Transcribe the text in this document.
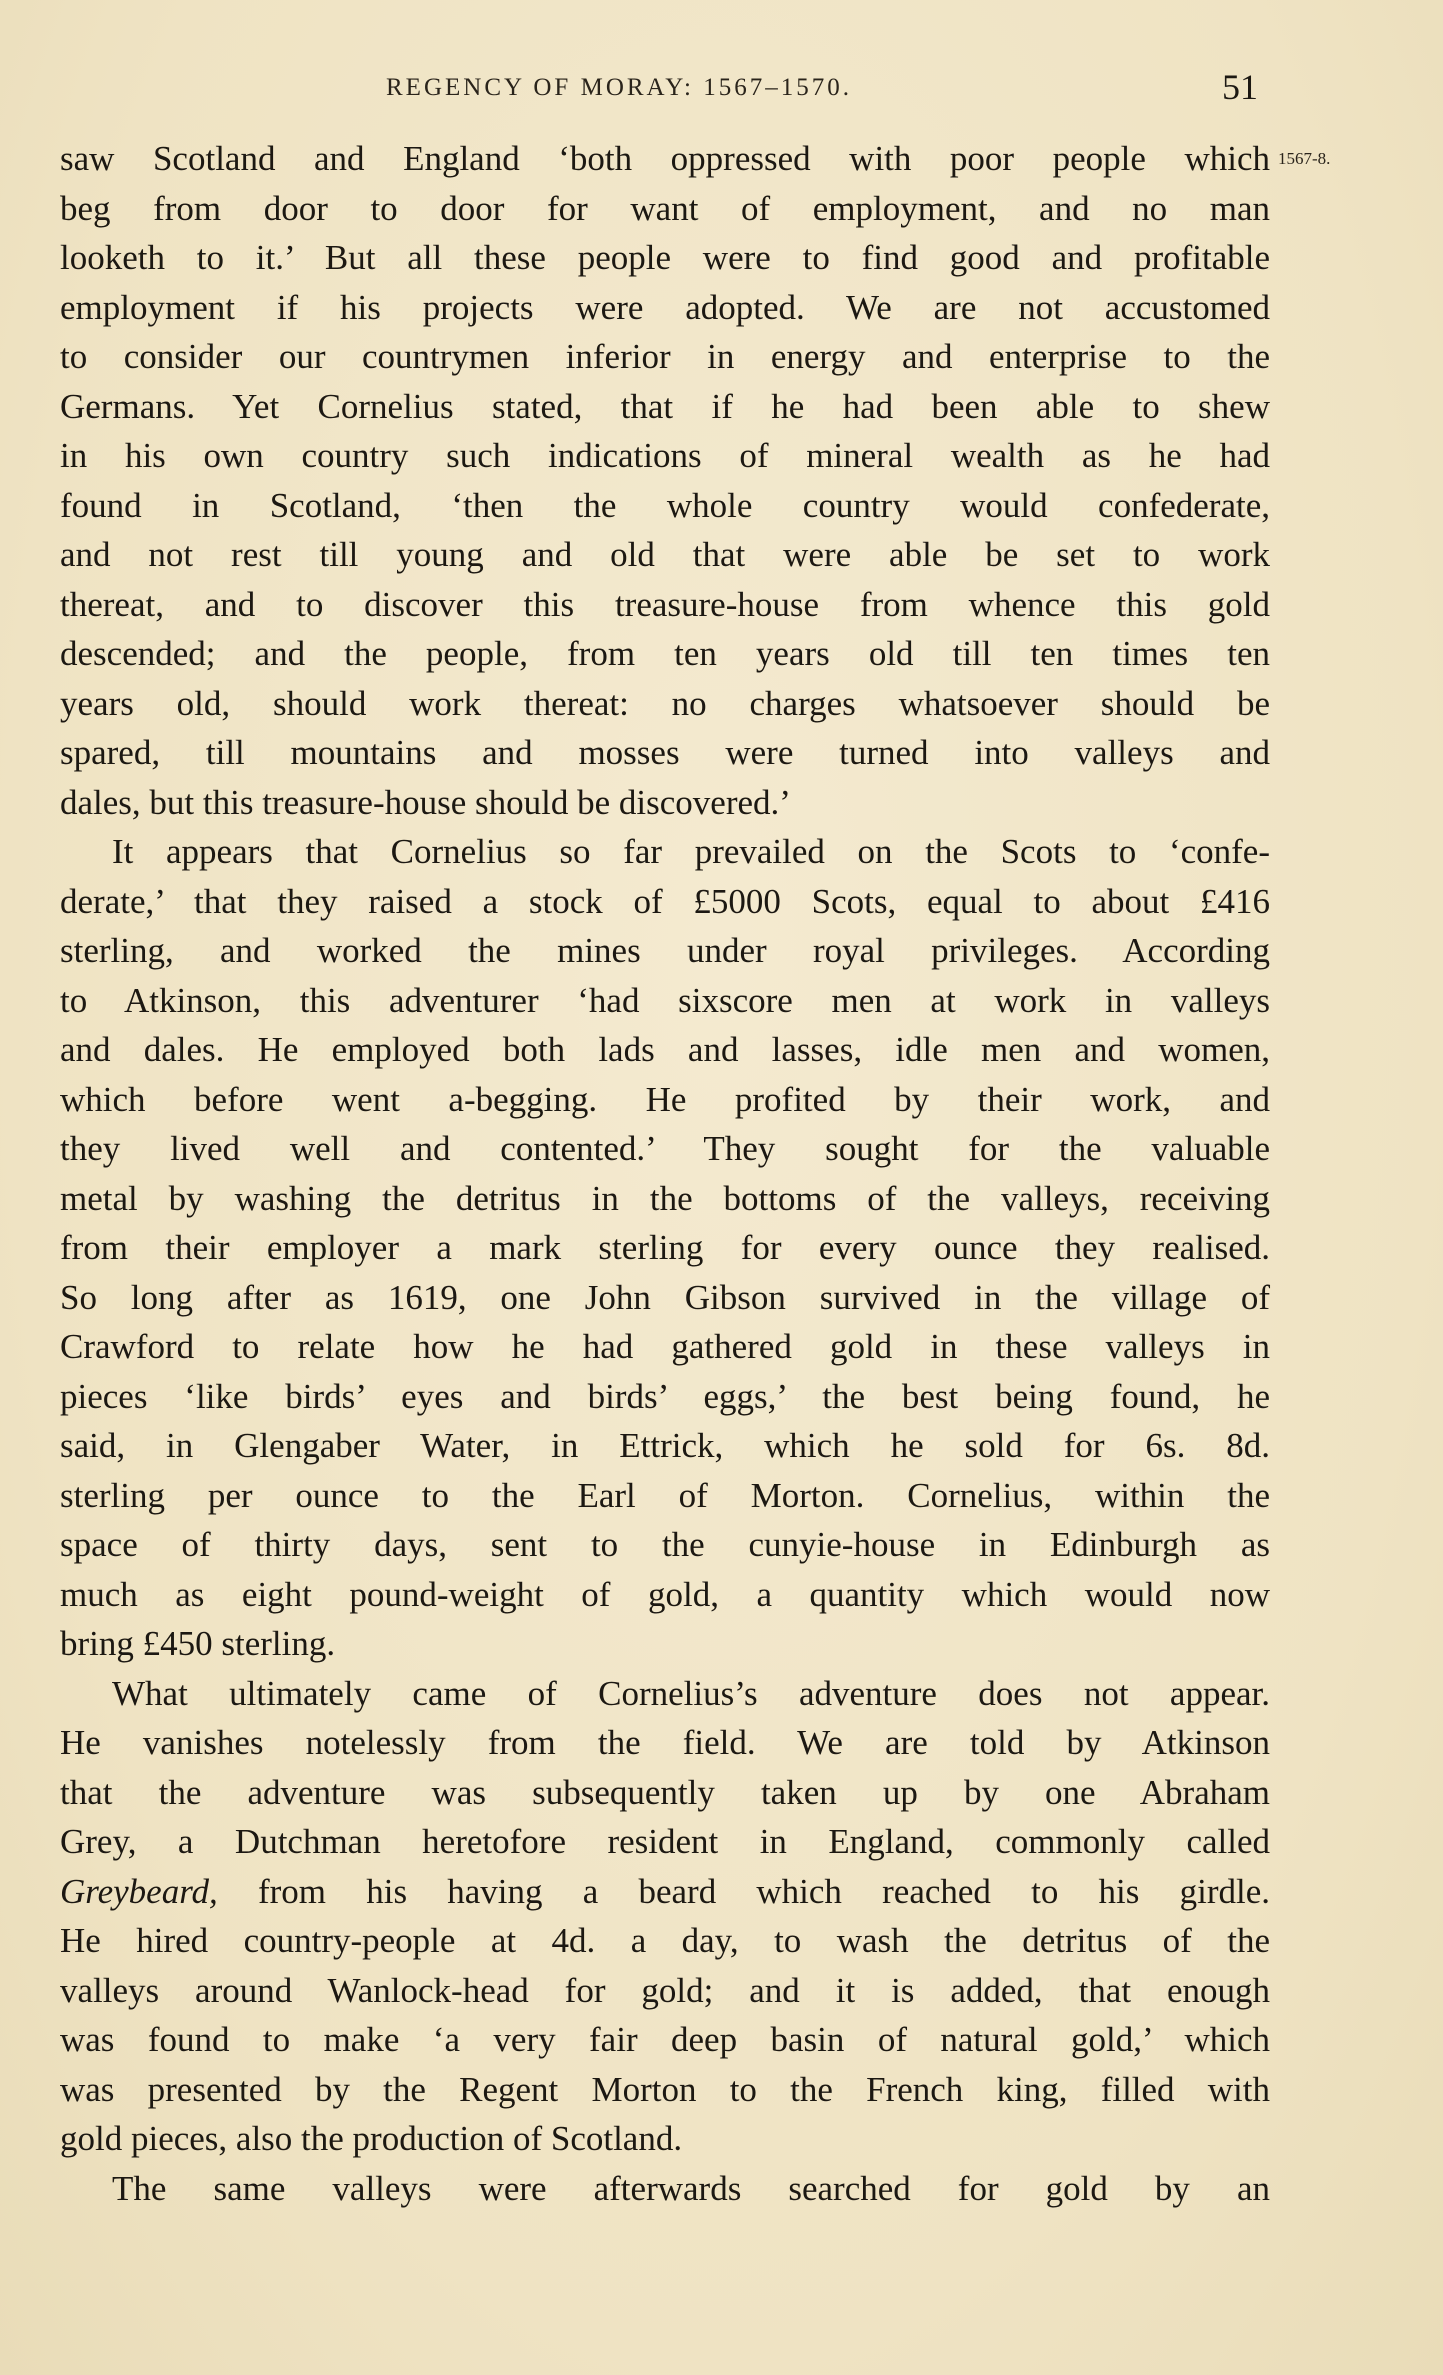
REGENCY OF MORAY: 1567–1570.	51
1567-8.
saw Scotland and England ‘both oppressed with poor people which
beg from door to door for want of employment, and no man
looketh to it.’ But all these people were to find good and profitable
employment if his projects were adopted. We are not accustomed
to consider our countrymen inferior in energy and enterprise to the
Germans. Yet Cornelius stated, that if he had been able to shew
in his own country such indications of mineral wealth as he had
found in Scotland, ‘then the whole country would confederate,
and not rest till young and old that were able be set to work
thereat, and to discover this treasure-house from whence this gold
descended; and the people, from ten years old till ten times ten
years old, should work thereat: no charges whatsoever should be
spared, till mountains and mosses were turned into valleys and
dales, but this treasure-house should be discovered.’
It appears that Cornelius so far prevailed on the Scots to ‘confe-
derate,’ that they raised a stock of £5000 Scots, equal to about £416
sterling, and worked the mines under royal privileges. According
to Atkinson, this adventurer ‘had sixscore men at work in valleys
and dales. He employed both lads and lasses, idle men and women,
which before went a-begging. He profited by their work, and
they lived well and contented.’ They sought for the valuable
metal by washing the detritus in the bottoms of the valleys, receiving
from their employer a mark sterling for every ounce they realised.
So long after as 1619, one John Gibson survived in the village of
Crawford to relate how he had gathered gold in these valleys in
pieces ‘like birds’ eyes and birds’ eggs,’ the best being found, he
said, in Glengaber Water, in Ettrick, which he sold for 6s. 8d.
sterling per ounce to the Earl of Morton. Cornelius, within the
space of thirty days, sent to the cunyie-house in Edinburgh as
much as eight pound-weight of gold, a quantity which would now
bring £450 sterling.
What ultimately came of Cornelius’s adventure does not appear.
He vanishes notelessly from the field. We are told by Atkinson
that the adventure was subsequently taken up by one Abraham
Grey, a Dutchman heretofore resident in England, commonly called
Greybeard, from his having a beard which reached to his girdle.
He hired country-people at 4d. a day, to wash the detritus of the
valleys around Wanlock-head for gold; and it is added, that enough
was found to make ‘a very fair deep basin of natural gold,’ which
was presented by the Regent Morton to the French king, filled with
gold pieces, also the production of Scotland.
The same valleys were afterwards searched for gold by an
